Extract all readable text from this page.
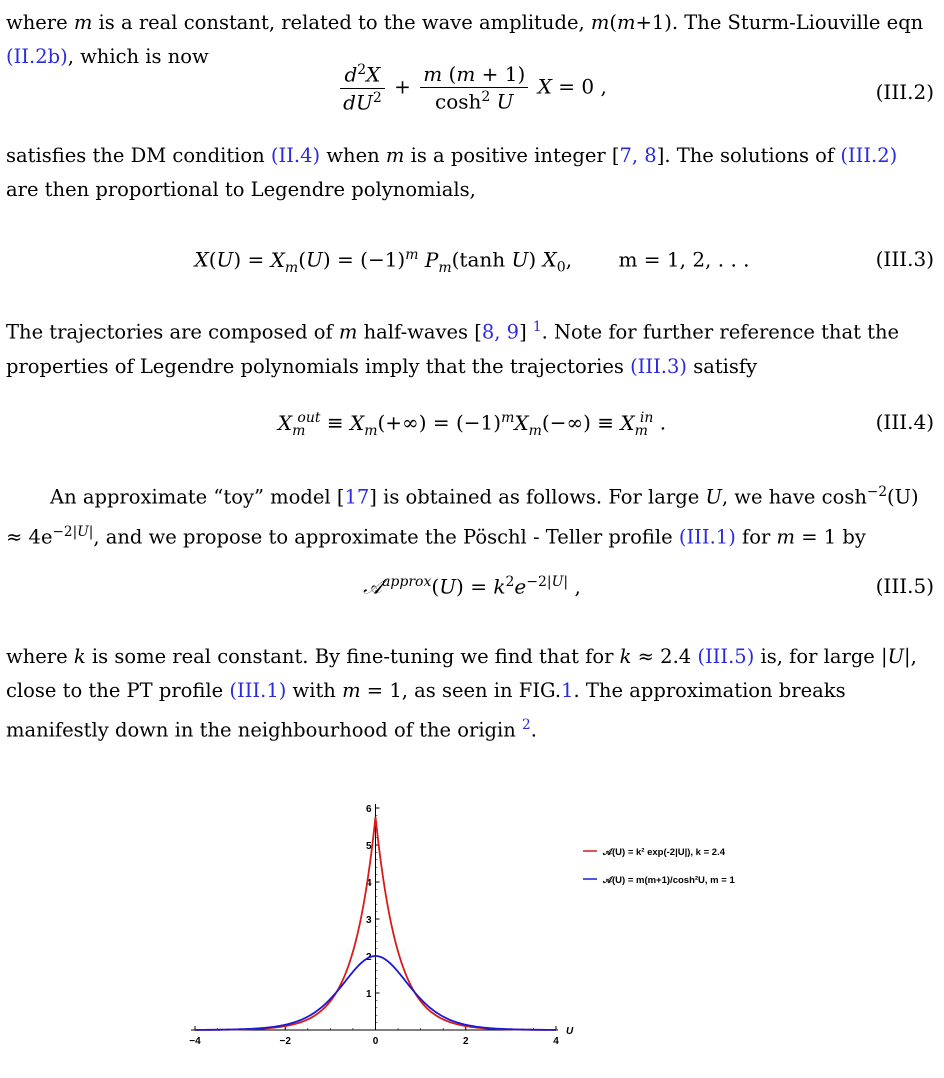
where m is a real constant, related to the wave amplitude, m(m+1). The Sturm-Liouville eqn
(II.2b), which is now

$\frac{d^2X}{dU^2} + \frac{m (m + 1)}{\cosh^2 U}$ X = 0 ,	(III.2)

satisfies the DM condition (II.4) when m is a positive integer [7, 8]. The solutions of (III.2)
are then proportional to Legendre polynomials,

$X(U) = X_m(U) = (-1)^m$ $P_m(\tanh$ U) $X_0$, m = 1, 2, . . .	(III.3)

The trajectories are composed of m half-waves [8, 9] $^1$. Note for further reference that the properties of Legendre polynomials imply that the trajectories (III.3) satisfy

$X_m^{out} \equiv X_m(+\infty) = (-1)^mX_m(-\infty) \equiv X_m^{in}$ .	(III.4)

An approximate “toy” model [17] is obtained as follows. For large U, we have $\cosh^{-2}(U) \approx 4e^{-2|U|}$, and we propose to approximate the Pöschl - Teller profile (III.1) for m = 1 by

𝒜$^{approx}$(U) = $k^2e^{-2|U|}$ ,	(III.5)

where k is some real constant. By fine-tuning we find that for k ≈ 2.4 (III.5) is, for large |U|, close to the PT profile (III.1) with m = 1, as seen in FIG.1. The approximation breaks manifestly down in the neighbourhood of the origin $^2$.

−4	−2	0	2	4
1
2
3
4
5
6
U
𝒜(U) = k² exp(-2|U|), k = 2.4
𝒜(U) = m(m+1)/cosh²U, m = 1
